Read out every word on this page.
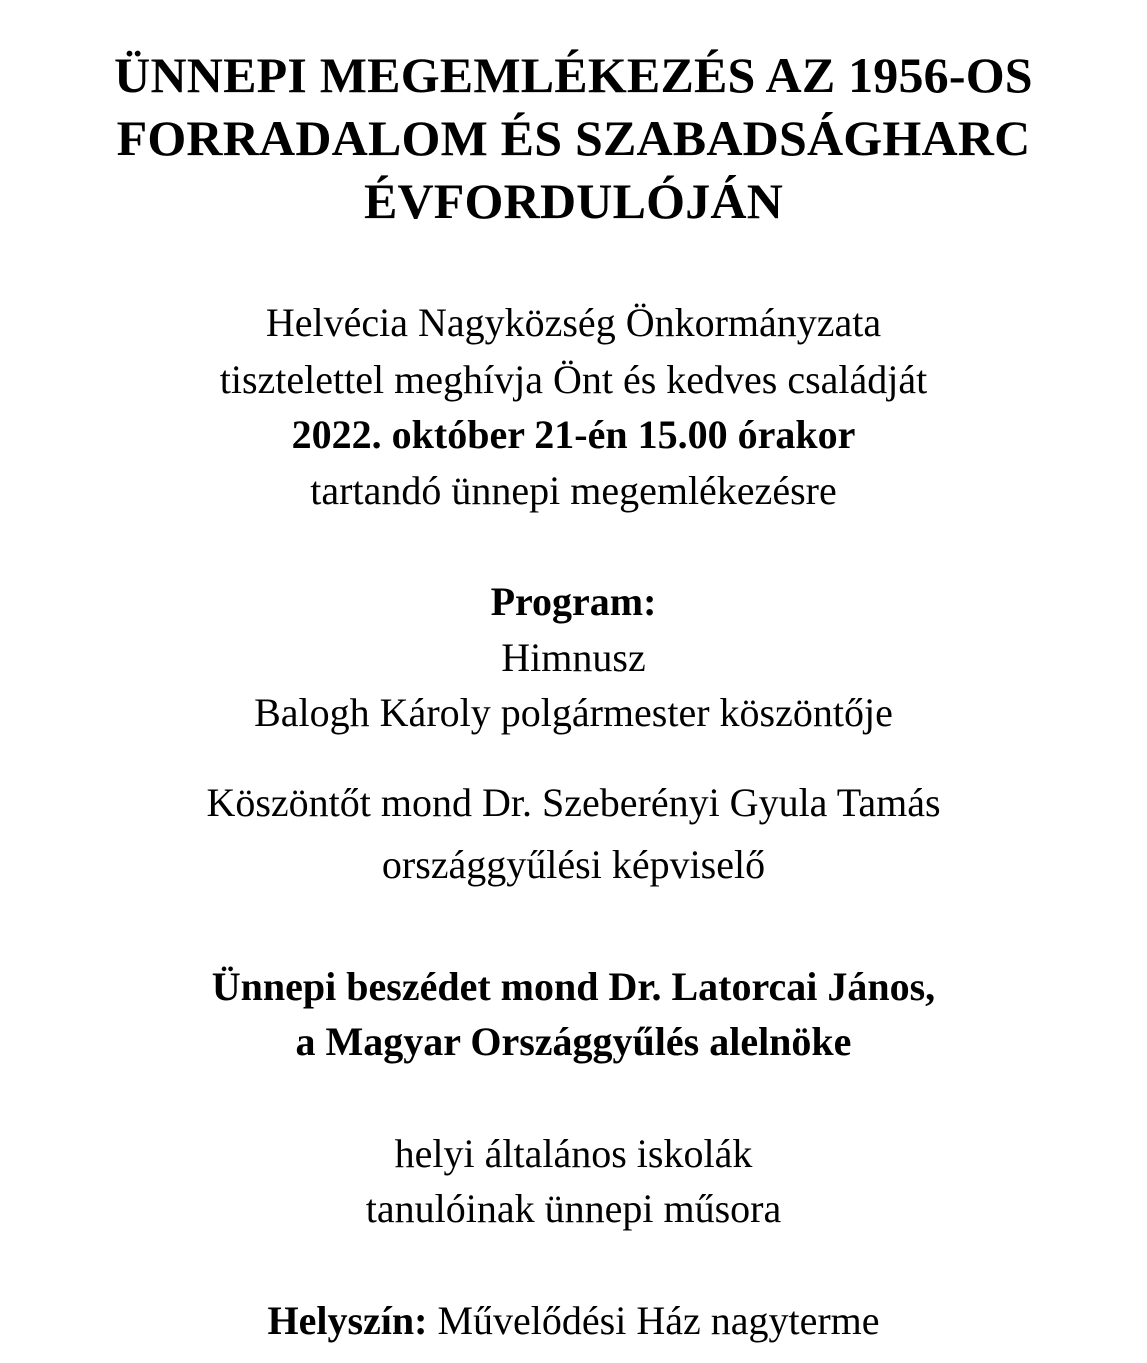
ÜNNEPI MEGEMLÉKEZÉS AZ 1956-OS
FORRADALOM ÉS SZABADSÁGHARC
ÉVFORDULÓJÁN
Helvécia Nagyközség Önkormányzata
tisztelettel meghívja Önt és kedves családját
2022. október 21-én 15.00 órakor
tartandó ünnepi megemlékezésre
Program:
Himnusz
Balogh Károly polgármester köszöntője
Köszöntőt mond Dr. Szeberényi Gyula Tamás
országgyűlési képviselő
Ünnepi beszédet mond Dr. Latorcai János,
a Magyar Országgyűlés alelnöke
helyi általános iskolák
tanulóinak ünnepi műsora
Helyszín: Művelődési Ház nagyterme
